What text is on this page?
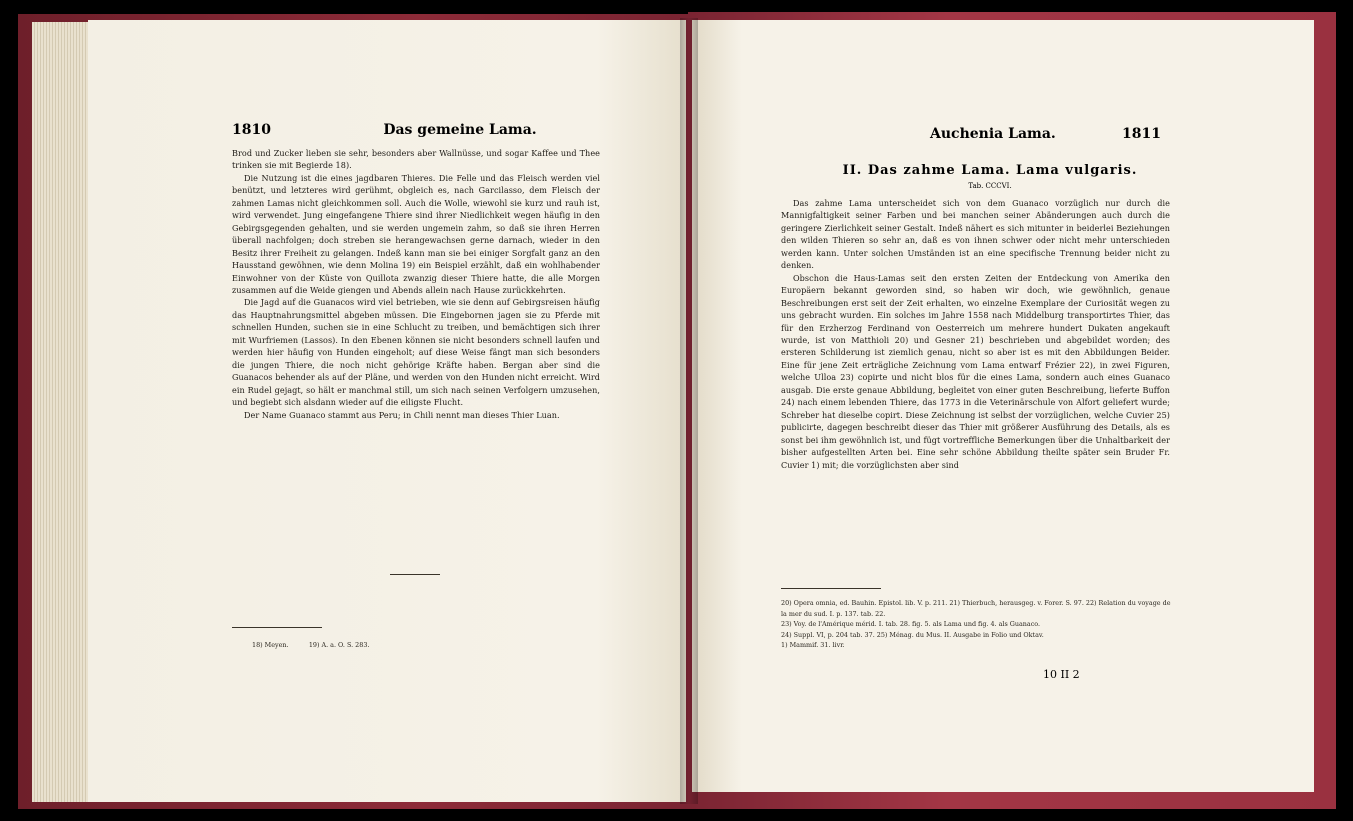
1810	Das gemeine Lama.

Brod und Zucker lieben sie sehr, besonders aber Wallnüsse, und sogar Kaffee und Thee trinken sie mit Begierde 18).

Die Nutzung ist die eines jagdbaren Thieres. Die Felle und das Fleisch werden viel benützt, und letzteres wird gerühmt, obgleich es, nach Garcilasso, dem Fleisch der zahmen Lamas nicht gleichkommen soll. Auch die Wolle, wiewohl sie kurz und rauh ist, wird verwendet. Jung eingefangene Thiere sind ihrer Niedlichkeit wegen häufig in den Gebirgsgegenden gehalten, und sie werden ungemein zahm, so daß sie ihren Herren überall nachfolgen; doch streben sie herangewachsen gerne darnach, wieder in den Besitz ihrer Freiheit zu gelangen. Indeß kann man sie bei einiger Sorgfalt ganz an den Hausstand gewöhnen, wie denn Molina 19) ein Beispiel erzählt, daß ein wohlhabender Einwohner von der Küste von Quillota zwanzig dieser Thiere hatte, die alle Morgen zusammen auf die Weide giengen und Abends allein nach Hause zurückkehrten.

Die Jagd auf die Guanacos wird viel betrieben, wie sie denn auf Gebirgsreisen häufig das Hauptnahrungsmittel abgeben müssen. Die Eingebornen jagen sie zu Pferde mit schnellen Hunden, suchen sie in eine Schlucht zu treiben, und bemächtigen sich ihrer mit Wurfriemen (Lassos). In den Ebenen können sie nicht besonders schnell laufen und werden hier häufig von Hunden eingeholt; auf diese Weise fängt man sich besonders die jungen Thiere, die noch nicht gehörige Kräfte haben. Bergan aber sind die Guanacos behender als auf der Pläne, und werden von den Hunden nicht erreicht. Wird ein Rudel gejagt, so hält er manchmal still, um sich nach seinen Verfolgern umzusehen, und begiebt sich alsdann wieder auf die eiligste Flucht.

Der Name Guanaco stammt aus Peru; in Chili nennt man dieses Thier Luan.

18) Meyen.          19) A. a. O. S. 283.
Auchenia Lama.	1811
II. Das zahme Lama. Lama vulgaris.
Tab. CCCVI.

Das zahme Lama unterscheidet sich von dem Guanaco vorzüglich nur durch die Mannigfaltigkeit seiner Farben und bei manchen seiner Abänderungen auch durch die geringere Zierlichkeit seiner Gestalt. Indeß nähert es sich mitunter in beiderlei Beziehungen den wilden Thieren so sehr an, daß es von ihnen schwer oder nicht mehr unterschieden werden kann. Unter solchen Umständen ist an eine specifische Trennung beider nicht zu denken.

Obschon die Haus-Lamas seit den ersten Zeiten der Entdeckung von Amerika den Europäern bekannt geworden sind, so haben wir doch, wie gewöhnlich, genaue Beschreibungen erst seit der Zeit erhalten, wo einzelne Exemplare der Curiosität wegen zu uns gebracht wurden. Ein solches im Jahre 1558 nach Middelburg transportirtes Thier, das für den Erzherzog Ferdinand von Oesterreich um mehrere hundert Dukaten angekauft wurde, ist von Matthioli 20) und Gesner 21) beschrieben und abgebildet worden; des ersteren Schilderung ist ziemlich genau, nicht so aber ist es mit den Abbildungen Beider. Eine für jene Zeit erträgliche Zeichnung vom Lama entwarf Frézier 22), in zwei Figuren, welche Ulloa 23) copirte und nicht blos für die eines Lama, sondern auch eines Guanaco ausgab. Die erste genaue Abbildung, begleitet von einer guten Beschreibung, lieferte Buffon 24) nach einem lebenden Thiere, das 1773 in die Veterinärschule von Alfort geliefert wurde; Schreber hat dieselbe copirt. Diese Zeichnung ist selbst der vorzüglichen, welche Cuvier 25) publicirte, dagegen beschreibt dieser das Thier mit größerer Ausführung des Details, als es sonst bei ihm gewöhnlich ist, und fügt vortreffliche Bemerkungen über die Unhaltbarkeit der bisher aufgestellten Arten bei. Eine sehr schöne Abbildung theilte später sein Bruder Fr. Cuvier 1) mit; die vorzüglichsten aber sind

20) Opera omnia, ed. Bauhin. Epistol. lib. V. p. 211. 21) Thierbuch, herausgeg. v. Forer. S. 97. 22) Relation du voyage de la mer du sud. I. p. 137. tab. 22.
23) Voy. de l'Amérique mérid. I. tab. 28. fig. 5. als Lama und fig. 4. als Guanaco.
24) Suppl. VI, p. 204 tab. 37. 25) Ménag. du Mus. II. Ausgabe in Folio und Oktav.
1) Mammif. 31. livr.
10 II 2
